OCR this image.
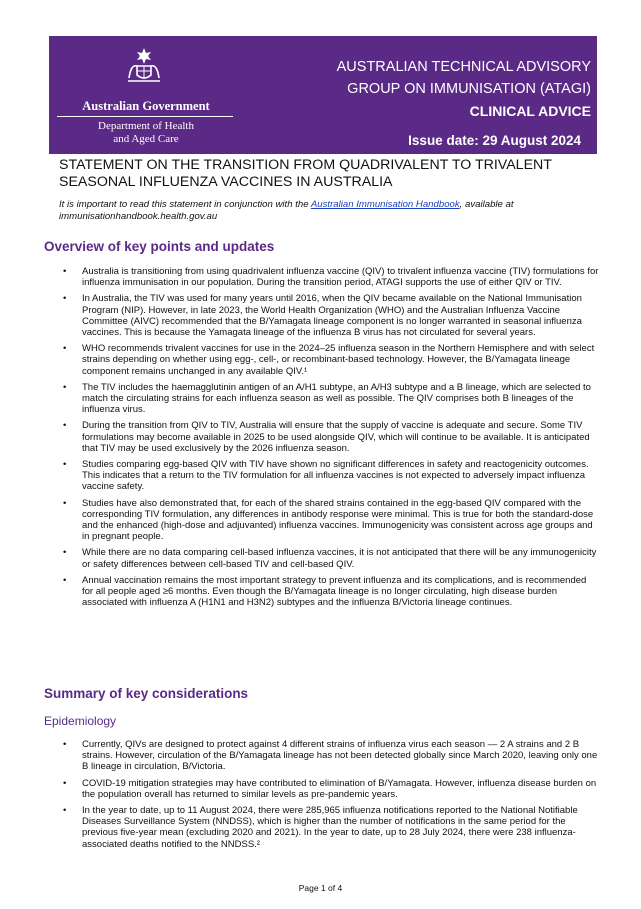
Australian Government
Department of Health
and Aged Care
AUSTRALIAN TECHNICAL ADVISORY
GROUP ON IMMUNISATION (ATAGI)
CLINICAL ADVICE
Issue date: 29 August 2024
STATEMENT ON THE TRANSITION FROM QUADRIVALENT TO TRIVALENT
SEASONAL INFLUENZA VACCINES IN AUSTRALIA
It is important to read this statement in conjunction with the Australian Immunisation Handbook, available at immunisationhandbook.health.gov.au
Overview of key points and updates
• Australia is transitioning from using quadrivalent influenza vaccine (QIV) to trivalent influenza vaccine (TIV) formulations for influenza immunisation in our population. During the transition period, ATAGI supports the use of either QIV or TIV.
• In Australia, the TIV was used for many years until 2016, when the QIV became available on the National Immunisation Program (NIP). However, in late 2023, the World Health Organization (WHO) and the Australian Influenza Vaccine Committee (AIVC) recommended that the B/Yamagata lineage component is no longer warranted in seasonal influenza vaccines. This is because the Yamagata lineage of the influenza B virus has not circulated for several years.
• WHO recommends trivalent vaccines for use in the 2024–25 influenza season in the Northern Hemisphere and with select strains depending on whether using egg-, cell-, or recombinant-based technology. However, the B/Yamagata lineage component remains unchanged in any available QIV.¹
• The TIV includes the haemagglutinin antigen of an A/H1 subtype, an A/H3 subtype and a B lineage, which are selected to match the circulating strains for each influenza season as well as possible. The QIV comprises both B lineages of the influenza virus.
• During the transition from QIV to TIV, Australia will ensure that the supply of vaccine is adequate and secure. Some TIV formulations may become available in 2025 to be used alongside QIV, which will continue to be available. It is anticipated that TIV may be used exclusively by the 2026 influenza season.
• Studies comparing egg-based QIV with TIV have shown no significant differences in safety and reactogenicity outcomes. This indicates that a return to the TIV formulation for all influenza vaccines is not expected to adversely impact influenza vaccine safety.
• Studies have also demonstrated that, for each of the shared strains contained in the egg-based QIV compared with the corresponding TIV formulation, any differences in antibody response were minimal. This is true for both the standard-dose and the enhanced (high-dose and adjuvanted) influenza vaccines. Immunogenicity was consistent across age groups and in pregnant people.
• While there are no data comparing cell-based influenza vaccines, it is not anticipated that there will be any immunogenicity or safety differences between cell-based TIV and cell-based QIV.
• Annual vaccination remains the most important strategy to prevent influenza and its complications, and is recommended for all people aged ≥6 months. Even though the B/Yamagata lineage is no longer circulating, high disease burden associated with influenza A (H1N1 and H3N2) subtypes and the influenza B/Victoria lineage continues.
Summary of key considerations
Epidemiology
• Currently, QIVs are designed to protect against 4 different strains of influenza virus each season — 2 A strains and 2 B strains. However, circulation of the B/Yamagata lineage has not been detected globally since March 2020, leaving only one B lineage in circulation, B/Victoria.
• COVID-19 mitigation strategies may have contributed to elimination of B/Yamagata. However, influenza disease burden on the population overall has returned to similar levels as pre-pandemic years.
• In the year to date, up to 11 August 2024, there were 285,965 influenza notifications reported to the National Notifiable Diseases Surveillance System (NNDSS), which is higher than the number of notifications in the same period for the previous five-year mean (excluding 2020 and 2021). In the year to date, up to 28 July 2024, there were 238 influenza-associated deaths notified to the NNDSS.²
Page 1 of 4
